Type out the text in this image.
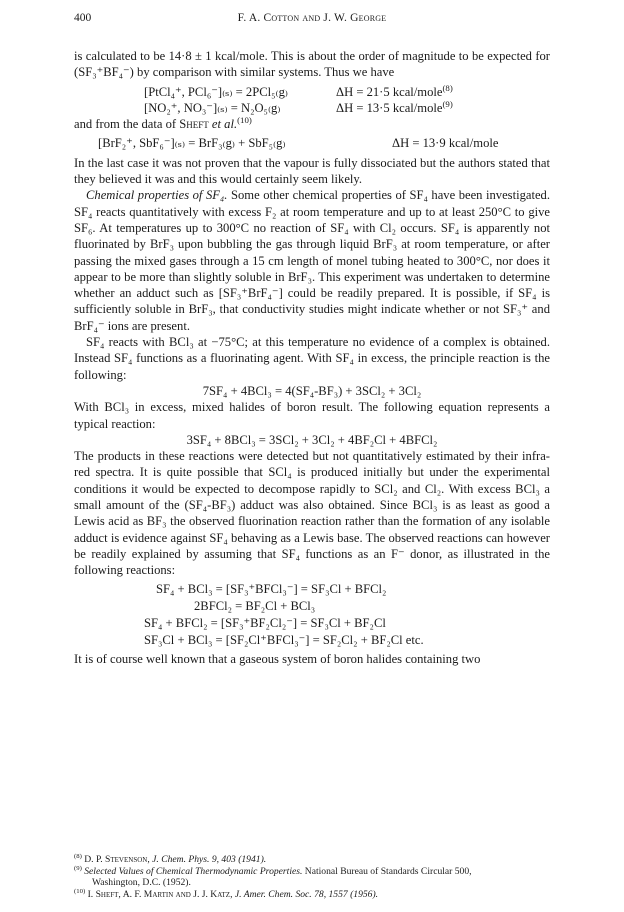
400	F. A. Cotton and J. W. George

is calculated to be 14·8 ± 1 kcal/mole. This is about the order of magnitude to be expected for (SF₃⁺BF₄⁻) by comparison with similar systems. Thus we have

[PtCl₄⁺, PCl₆⁻]₍ₛ₎ = 2PCl₅₍g₎	ΔH = 21·5 kcal/mole$^{(8)}$

[NO₂⁺, NO₃⁻]₍ₛ₎ = N₂O₅₍g₎	ΔH = 13·5 kcal/mole$^{(9)}$

and from the data of Sheft et al.$^{(10)}$

[BrF₂⁺, SbF₆⁻]₍ₛ₎ = BrF₃₍g₎ + SbF₅₍g₎	ΔH = 13·9 kcal/mole

In the last case it was not proven that the vapour is fully dissociated but the authors stated that they believed it was and this would certainly seem likely.

Chemical properties of SF₄. Some other chemical properties of SF₄ have been investigated. SF₄ reacts quantitatively with excess F₂ at room temperature and up to at least 250°C to give SF₆. At temperatures up to 300°C no reaction of SF₄ with Cl₂ occurs. SF₄ is apparently not fluorinated by BrF₃ upon bubbling the gas through liquid BrF₃ at room temperature, or after passing the mixed gases through a 15 cm length of monel tubing heated to 300°C, nor does it appear to be more than slightly soluble in BrF₃. This experiment was undertaken to determine whether an adduct such as [SF₃⁺BrF₄⁻] could be readily prepared. It is possible, if SF₄ is sufficiently soluble in BrF₃, that conductivity studies might indicate whether or not SF₃⁺ and BrF₄⁻ ions are present.

SF₄ reacts with BCl₃ at −75°C; at this temperature no evidence of a complex is obtained. Instead SF₄ functions as a fluorinating agent. With SF₄ in excess, the principle reaction is the following:

7SF₄ + 4BCl₃ = 4(SF₄-BF₃) + 3SCl₂ + 3Cl₂

With BCl₃ in excess, mixed halides of boron result. The following equation represents a typical reaction:

3SF₄ + 8BCl₃ = 3SCl₂ + 3Cl₂ + 4BF₂Cl + 4BFCl₂

The products in these reactions were detected but not quantitatively estimated by their infra-red spectra. It is quite possible that SCl₄ is produced initially but under the experimental conditions it would be expected to decompose rapidly to SCl₂ and Cl₂. With excess BCl₃ a small amount of the (SF₄-BF₃) adduct was also obtained. Since BCl₃ is as least as good a Lewis acid as BF₃ the observed fluorination reaction rather than the formation of any isolable adduct is evidence against SF₄ behaving as a Lewis base. The observed reactions can however be readily explained by assuming that SF₄ functions as an F⁻ donor, as illustrated in the following reactions:

SF₄ + BCl₃ = [SF₃⁺BFCl₃⁻] = SF₃Cl + BFCl₂

2BFCl₂ = BF₂Cl + BCl₃

SF₄ + BFCl₂ = [SF₃⁺BF₂Cl₂⁻] = SF₃Cl + BF₂Cl

SF₃Cl + BCl₃ = [SF₂Cl⁺BFCl₃⁻] = SF₂Cl₂ + BF₂Cl etc.

It is of course well known that a gaseous system of boron halides containing two

$^{(8)}$ D. P. Stevenson, J. Chem. Phys. 9, 403 (1941).

$^{(9)}$ Selected Values of Chemical Thermodynamic Properties. National Bureau of Standards Circular 500,

Washington, D.C. (1952).

$^{(10)}$ I. Sheft, A. F. Martin and J. J. Katz, J. Amer. Chem. Soc. 78, 1557 (1956).
